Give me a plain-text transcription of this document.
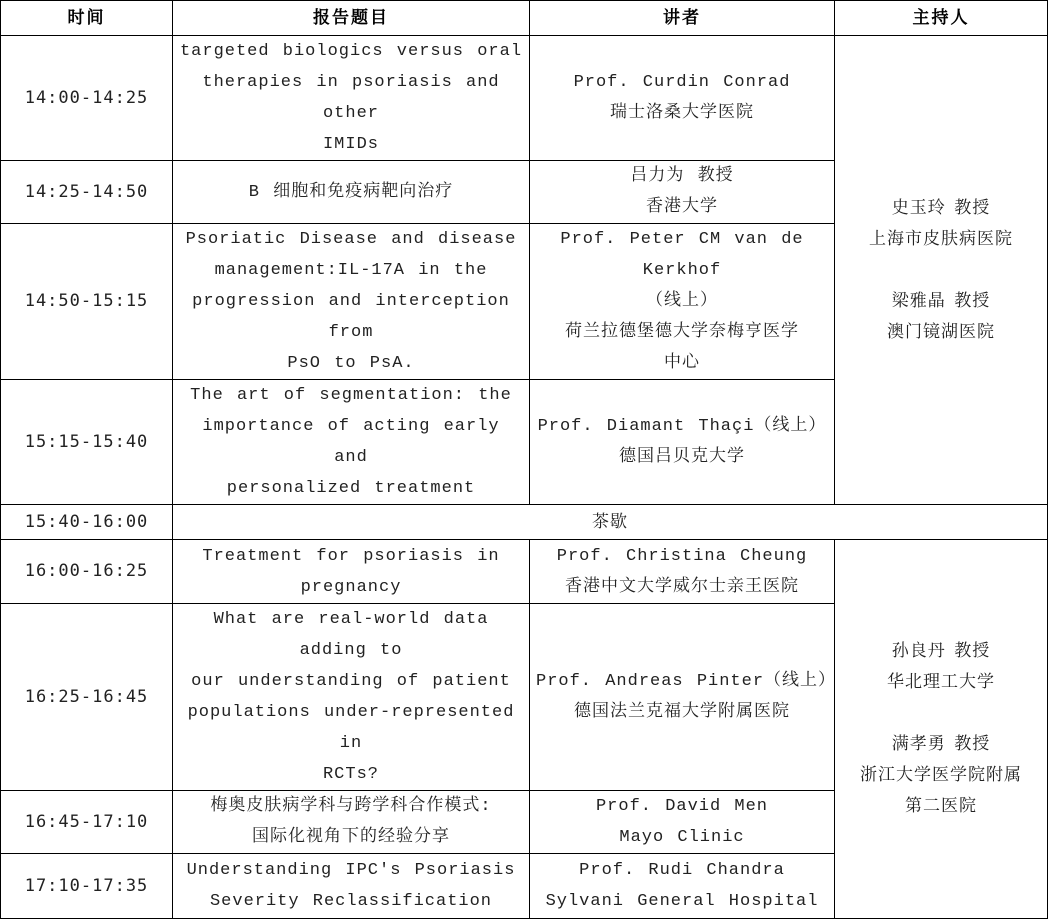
时间	报告题目	讲者	主持人
14:00-14:25	targeted biologics versus oral
therapies in psoriasis and other
IMIDs	Prof. Curdin Conrad
瑞士洛桑大学医院	史玉玲 教授
上海市皮肤病医院
梁雅晶 教授
澳门镜湖医院

14:25-14:50	B 细胞和免疫病靶向治疗	吕力为 教授
香港大学	

14:50-15:15	Psoriatic Disease and disease
management:IL-17A in the
progression and interception from
PsO to PsA.	Prof. Peter CM van de Kerkhof
（线上）
荷兰拉德堡德大学奈梅亨医学
中心	

15:15-15:40	The art of segmentation: the
importance of acting early and
personalized treatment	Prof. Diamant Thaçi（线上）
德国吕贝克大学	

15:40-16:00	茶歇		
16:00-16:25	Treatment for psoriasis in
pregnancy	Prof. Christina Cheung
香港中文大学威尔士亲王医院	孙良丹 教授
华北理工大学
满孝勇 教授
浙江大学医学院附属
第二医院

16:25-16:45	What are real-world data adding to
our understanding of patient
populations under-represented in
RCTs?	Prof. Andreas Pinter（线上）
德国法兰克福大学附属医院	

16:45-17:10	梅奥皮肤病学科与跨学科合作模式:
国际化视角下的经验分享	Prof. David Men
Mayo Clinic	

17:10-17:35	Understanding IPC's Psoriasis
Severity Reclassification	Prof. Rudi Chandra
Sylvani General Hospital	
